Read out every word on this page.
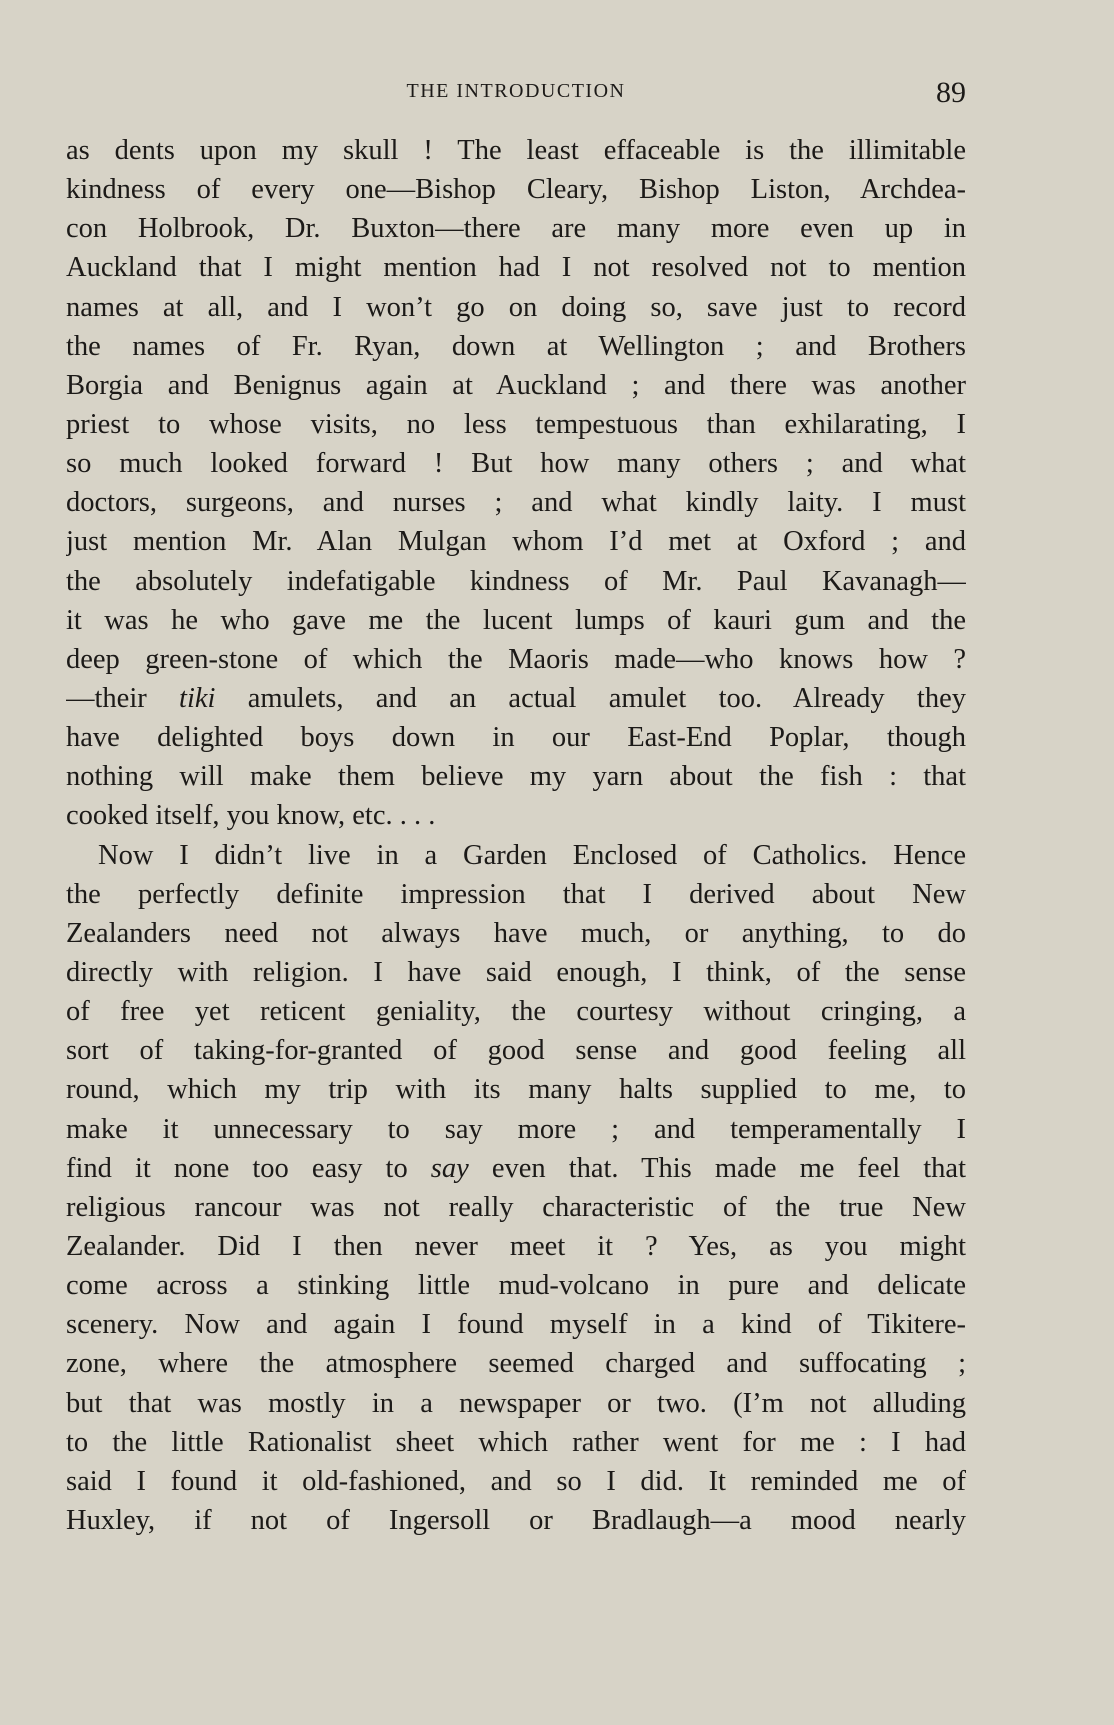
THE INTRODUCTION	89
as dents upon my skull ! The least effaceable is the illimitable
kindness of every one—Bishop Cleary, Bishop Liston, Archdea-
con Holbrook, Dr. Buxton—there are many more even up in
Auckland that I might mention had I not resolved not to mention
names at all, and I won’t go on doing so, save just to record
the names of Fr. Ryan, down at Wellington ; and Brothers
Borgia and Benignus again at Auckland ; and there was another
priest to whose visits, no less tempestuous than exhilarating, I
so much looked forward ! But how many others ; and what
doctors, surgeons, and nurses ; and what kindly laity. I must
just mention Mr. Alan Mulgan whom I’d met at Oxford ; and
the absolutely indefatigable kindness of Mr. Paul Kavanagh—
it was he who gave me the lucent lumps of kauri gum and the
deep green-stone of which the Maoris made—who knows how ?
—their tiki amulets, and an actual amulet too. Already they
have delighted boys down in our East-End Poplar, though
nothing will make them believe my yarn about the fish : that
cooked itself, you know, etc. . . .
Now I didn’t live in a Garden Enclosed of Catholics. Hence
the perfectly definite impression that I derived about New
Zealanders need not always have much, or anything, to do
directly with religion. I have said enough, I think, of the sense
of free yet reticent geniality, the courtesy without cringing, a
sort of taking-for-granted of good sense and good feeling all
round, which my trip with its many halts supplied to me, to
make it unnecessary to say more ; and temperamentally I
find it none too easy to say even that. This made me feel that
religious rancour was not really characteristic of the true New
Zealander. Did I then never meet it ? Yes, as you might
come across a stinking little mud-volcano in pure and delicate
scenery. Now and again I found myself in a kind of Tikitere-
zone, where the atmosphere seemed charged and suffocating ;
but that was mostly in a newspaper or two. (I’m not alluding
to the little Rationalist sheet which rather went for me : I had
said I found it old-fashioned, and so I did. It reminded me of
Huxley, if not of Ingersoll or Bradlaugh—a mood nearly
